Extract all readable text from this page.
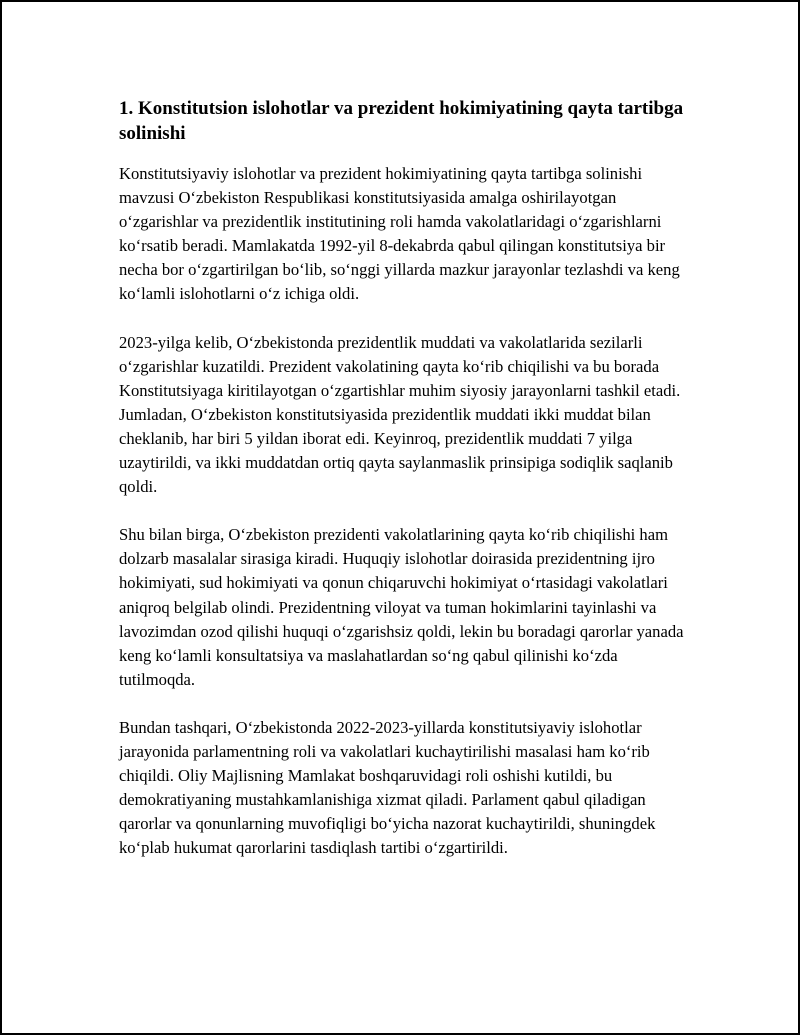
1. Konstitutsion islohotlar va prezident hokimiyatining qayta tartibga solinishi

Konstitutsiyaviy islohotlar va prezident hokimiyatining qayta tartibga solinishi mavzusi O‘zbekiston Respublikasi konstitutsiyasida amalga oshirilayotgan o‘zgarishlar va prezidentlik institutining roli hamda vakolatlaridagi o‘zgarishlarni ko‘rsatib beradi. Mamlakatda 1992-yil 8-dekabrda qabul qilingan konstitutsiya bir necha bor o‘zgartirilgan bo‘lib, so‘nggi yillarda mazkur jarayonlar tezlashdi va keng ko‘lamli islohotlarni o‘z ichiga oldi.

2023-yilga kelib, O‘zbekistonda prezidentlik muddati va vakolatlarida sezilarli o‘zgarishlar kuzatildi. Prezident vakolatining qayta ko‘rib chiqilishi va bu borada Konstitutsiyaga kiritilayotgan o‘zgartishlar muhim siyosiy jarayonlarni tashkil etadi. Jumladan, O‘zbekiston konstitutsiyasida prezidentlik muddati ikki muddat bilan cheklanib, har biri 5 yildan iborat edi. Keyinroq, prezidentlik muddati 7 yilga uzaytirildi, va ikki muddatdan ortiq qayta saylanmaslik prinsipiga sodiqlik saqlanib qoldi.

Shu bilan birga, O‘zbekiston prezidenti vakolatlarining qayta ko‘rib chiqilishi ham dolzarb masalalar sirasiga kiradi. Huquqiy islohotlar doirasida prezidentning ijro hokimiyati, sud hokimiyati va qonun chiqaruvchi hokimiyat o‘rtasidagi vakolatlari aniqroq belgilab olindi. Prezidentning viloyat va tuman hokimlarini tayinlashi va lavozimdan ozod qilishi huquqi o‘zgarishsiz qoldi, lekin bu boradagi qarorlar yanada keng ko‘lamli konsultatsiya va maslahatlardan so‘ng qabul qilinishi ko‘zda tutilmoqda.

Bundan tashqari, O‘zbekistonda 2022-2023-yillarda konstitutsiyaviy islohotlar jarayonida parlamentning roli va vakolatlari kuchaytirilishi masalasi ham ko‘rib chiqildi. Oliy Majlisning Mamlakat boshqaruvidagi roli oshishi kutildi, bu demokratiyaning mustahkamlanishiga xizmat qiladi. Parlament qabul qiladigan qarorlar va qonunlarning muvofiqligi bo‘yicha nazorat kuchaytirildi, shuningdek ko‘plab hukumat qarorlarini tasdiqlash tartibi o‘zgartirildi.
